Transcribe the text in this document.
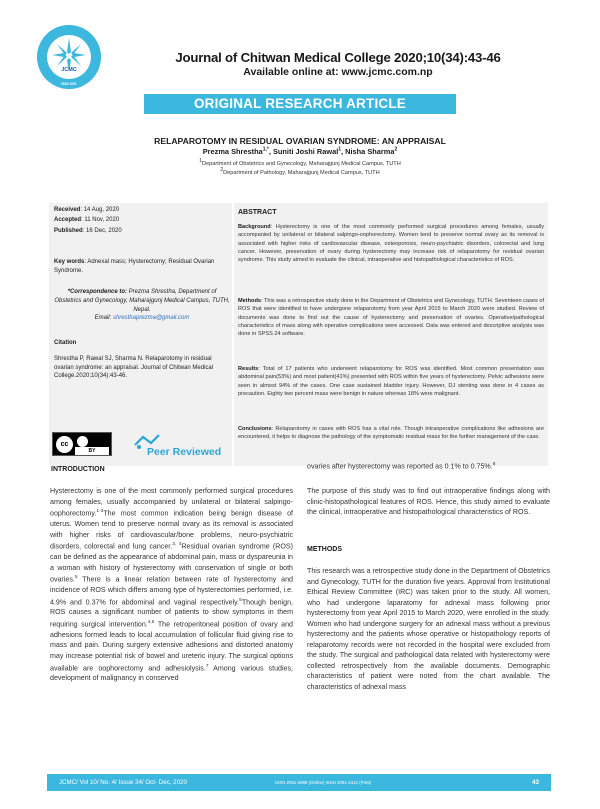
JCMC
ISSN 2091
Journal of Chitwan Medical College 2020;10(34):43-46
Available online at: www.jcmc.com.np
ORIGINAL RESEARCH ARTICLE
RELAPAROTOMY IN RESIDUAL OVARIAN SYNDROME: AN APPRAISAL
Prezma Shrestha$^{1,*}$, Suniti Joshi Rawal$^1$, Nisha Sharma$^2$
$^1$Department of Obstetrics and Gynecology, Maharajgunj Medical Campus, TUTH
$^2$Department of Pathology, Maharajgunj Medical Campus, TUTH
Received: 14 Aug, 2020
Accepted: 11 Nov, 2020
Published: 16 Dec, 2020
Key words: Adnexal mass; Hysterectomy; Residual Ovarian Syndrome.
*Correspondence to: Prezma Shrestha, Department of Obstetrics and Gynecology, Maharajgunj Medical Campus, TUTH, Nepal.
Email: shresthaprezma@gmail.com
Citation
Shrestha P, Rawal SJ, Sharma N. Relaparotomy in residual ovarian syndrome: an appraisal. Journal of Chitwan Medical College.2020;10(34):43-46.
cc
BY	Peer Reviewed
ABSTRACT
Background: Hysterectomy is one of the most commonly performed surgical procedures among females, usually accompanied by unilateral or bilateral salpingo-oophorectomy. Women tend to preserve normal ovary as its removal is associated with higher risks of cardiovascular disease, osteoporosis, neuro-psychiatric disorders, colorectal and lung cancer. However, preservation of ovary during hysterectomy may increase risk of relaparotomy for residual ovarian syndrome. This study aimed to evaluate the clinical, intraoperative and histopathological characteristics of ROS.
Methods: This was a retrospective study done in the Department of Obstetrics and Gynecology, TUTH. Seventeen cases of ROS that were identified to have undergone relaparotomy from year April 2015 to March 2020 were studied. Review of documents was done to find out the cause of hysterectomy and preservation of ovaries. Operative/pathological characteristics of mass along with operative complications were accessed. Data was entered and descriptive analysis was done in SPSS 24 software.
Results: Total of 17 patients who underwent relaparotomy for ROS was identified. Most common presentation was abdominal pain(53%) and most patient(41%) presented with ROS within five years of hysterectomy. Pelvic adhesions were seen in almost 94% of the cases. One case sustained bladder injury. However, DJ stenting was done in 4 cases as precaution. Eighty two percent mass were benign in nature whereas 18% were malignant.
Conclusions: Relaparotomy in cases with ROS has a vital role. Though intraoperative complications like adhesions are encountered, it helps to diagnose the pathology of the symptomatic residual mass for the further management of the case.
INTRODUCTION
Hysterectomy is one of the most commonly performed surgical procedures among females, usually accompanied by unilateral or bilateral salpingo-oophorectomy.$^{1-3}$The most common indication being benign disease of uterus. Women tend to preserve normal ovary as its removal is associated with higher risks of cardiovascular/bone problems, neuro-psychiatric disorders, colorectal and lung cancer.$^{3, 4}$Residual ovarian syndrome (ROS) can be defined as the appearance of abdominal pain, mass or dyspareunia in a woman with history of hysterectomy with conservation of single or both ovaries.$^5$ There is a linear relation between rate of hysterectomy and incidence of ROS which differs among type of hysterectomies performed, i.e. 4.9% and 0.37% for abdominal and vaginal respectively.$^5$Though benign, ROS causes a significant number of patients to show symptoms in them requiring surgical intervention.$^{4,6}$ The retroperitoneal position of ovary and adhesions formed leads to local accumulation of follicular fluid giving rise to mass and pain. During surgery extensive adhesions and distorted anatomy may increase potential risk of bowel and ureteric injury. The surgical options available are oophorectomy and adhesiolysis.$^7$ Among various studies, development of malignancy in conserved
ovaries after hysterectomy was reported as 0.1% to 0.75%.$^8$
The purpose of this study was to find out intraoperative findings along with clinic-histopathological features of ROS. Hence, this study aimed to evaluate the clinical, intraoperative and histopathological characteristics of ROS.
METHODS
This research was a retrospective study done in the Department of Obstetrics and Gynecology, TUTH for the duration five years. Approval from Institutional Ethical Review Committee (IRC) was taken prior to the study. All women, who had undergone laparatomy for adnexal mass following prior hysterectomy from year April 2015 to March 2020, were enrolled in the study. Women who had undergone surgery for an adnexal mass without a previous hysterectomy and the patients whose operative or histopathology reports of relaparotomy records were not recorded in the hospital were excluded from the study. The surgical and pathological data related with hysterectomy were collected retrospectively from the available documents. Demographic characteristics of patient were noted from the chart available. The characteristics of adnexal mass
JCMC/ Vol 10/ No. 4/ Issue 34/ Oct- Dec, 2020	ISSN 2091-2889 (Online) ISSN 2091-2412 (Print)	43
